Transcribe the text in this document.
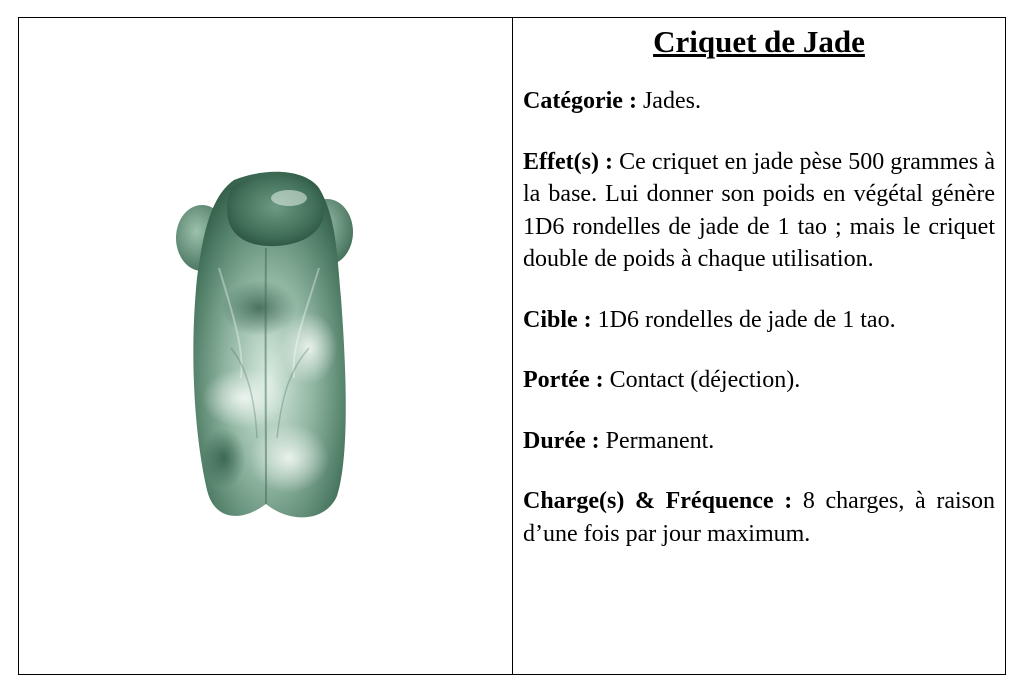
Criquet de Jade
Catégorie : Jades.
Effet(s) : Ce criquet en jade pèse 500 grammes à la base. Lui donner son poids en végétal génère 1D6 rondelles de jade de 1 tao ; mais le criquet double de poids à chaque utilisation.
Cible : 1D6 rondelles de jade de 1 tao.
Portée : Contact (déjection).
Durée : Permanent.
Charge(s) & Fréquence : 8 charges, à raison d’une fois par jour maximum.
